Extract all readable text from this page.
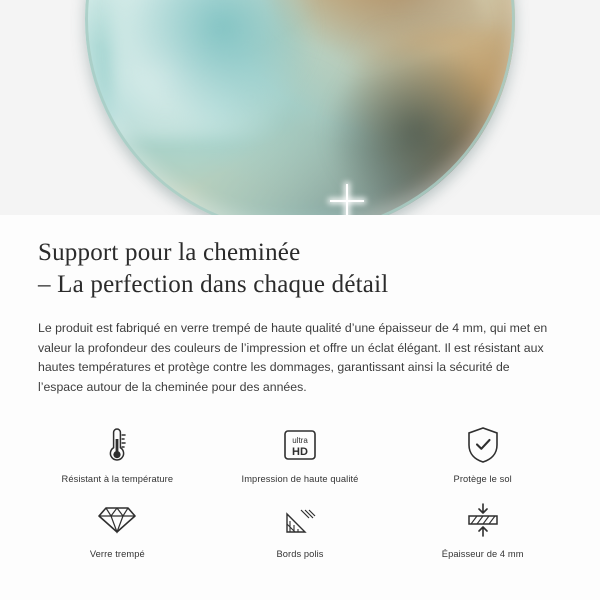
Support pour la cheminée
– La perfection dans chaque détail

Le produit est fabriqué en verre trempé de haute qualité d’une épaisseur de 4 mm, qui met en valeur la profondeur des couleurs de l’impression et offre un éclat élégant. Il est résistant aux hautes températures et protège contre les dommages, garantissant ainsi la sécurité de l’espace autour de la cheminée pour des années.

Résistant à la température
ultra
HD
Impression de haute qualité	Protège le sol
Verre trempé	Bords polis	Épaisseur de 4 mm
